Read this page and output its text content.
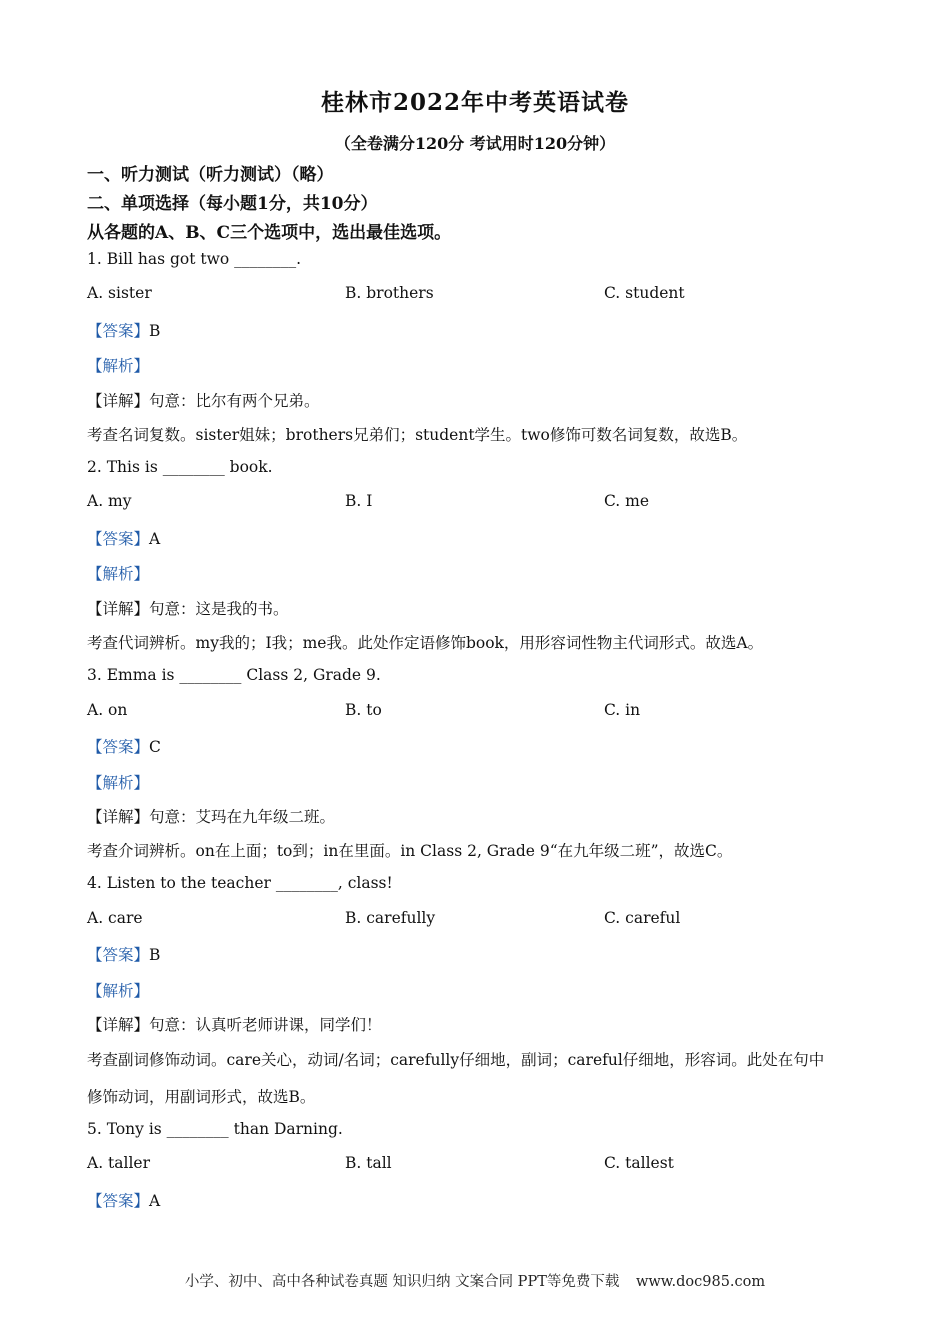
桂林市2022年中考英语试卷
（全卷满分120分 考试用时120分钟）
一、听力测试（听力测试）（略）
二、单项选择（每小题1分，共10分）
从各题的A、B、C三个选项中，选出最佳选项。
1. Bill has got two ________.
A. sister	B. brothers	C. student
【答案】B
【解析】
【详解】句意：比尔有两个兄弟。
考查名词复数。sister姐妹；brothers兄弟们；student学生。two修饰可数名词复数，故选B。
2. This is ________ book.
A. my	B. I	C. me
【答案】A
【解析】
【详解】句意：这是我的书。
考查代词辨析。my我的；I我；me我。此处作定语修饰book，用形容词性物主代词形式。故选A。
3. Emma is ________ Class 2, Grade 9.
A. on	B. to	C. in
【答案】C
【解析】
【详解】句意：艾玛在九年级二班。
考查介词辨析。on在上面；to到；in在里面。in Class 2, Grade 9“在九年级二班”，故选C。
4. Listen to the teacher ________, class!
A. care	B. carefully	C. careful
【答案】B
【解析】
【详解】句意：认真听老师讲课，同学们！
考查副词修饰动词。care关心，动词/名词；carefully仔细地，副词；careful仔细地，形容词。此处在句中
修饰动词，用副词形式，故选B。
5. Tony is ________ than Darning.
A. taller	B. tall	C. tallest
【答案】A
小学、初中、高中各种试卷真题 知识归纳 文案合同 PPT等免费下载 www.doc985.com
